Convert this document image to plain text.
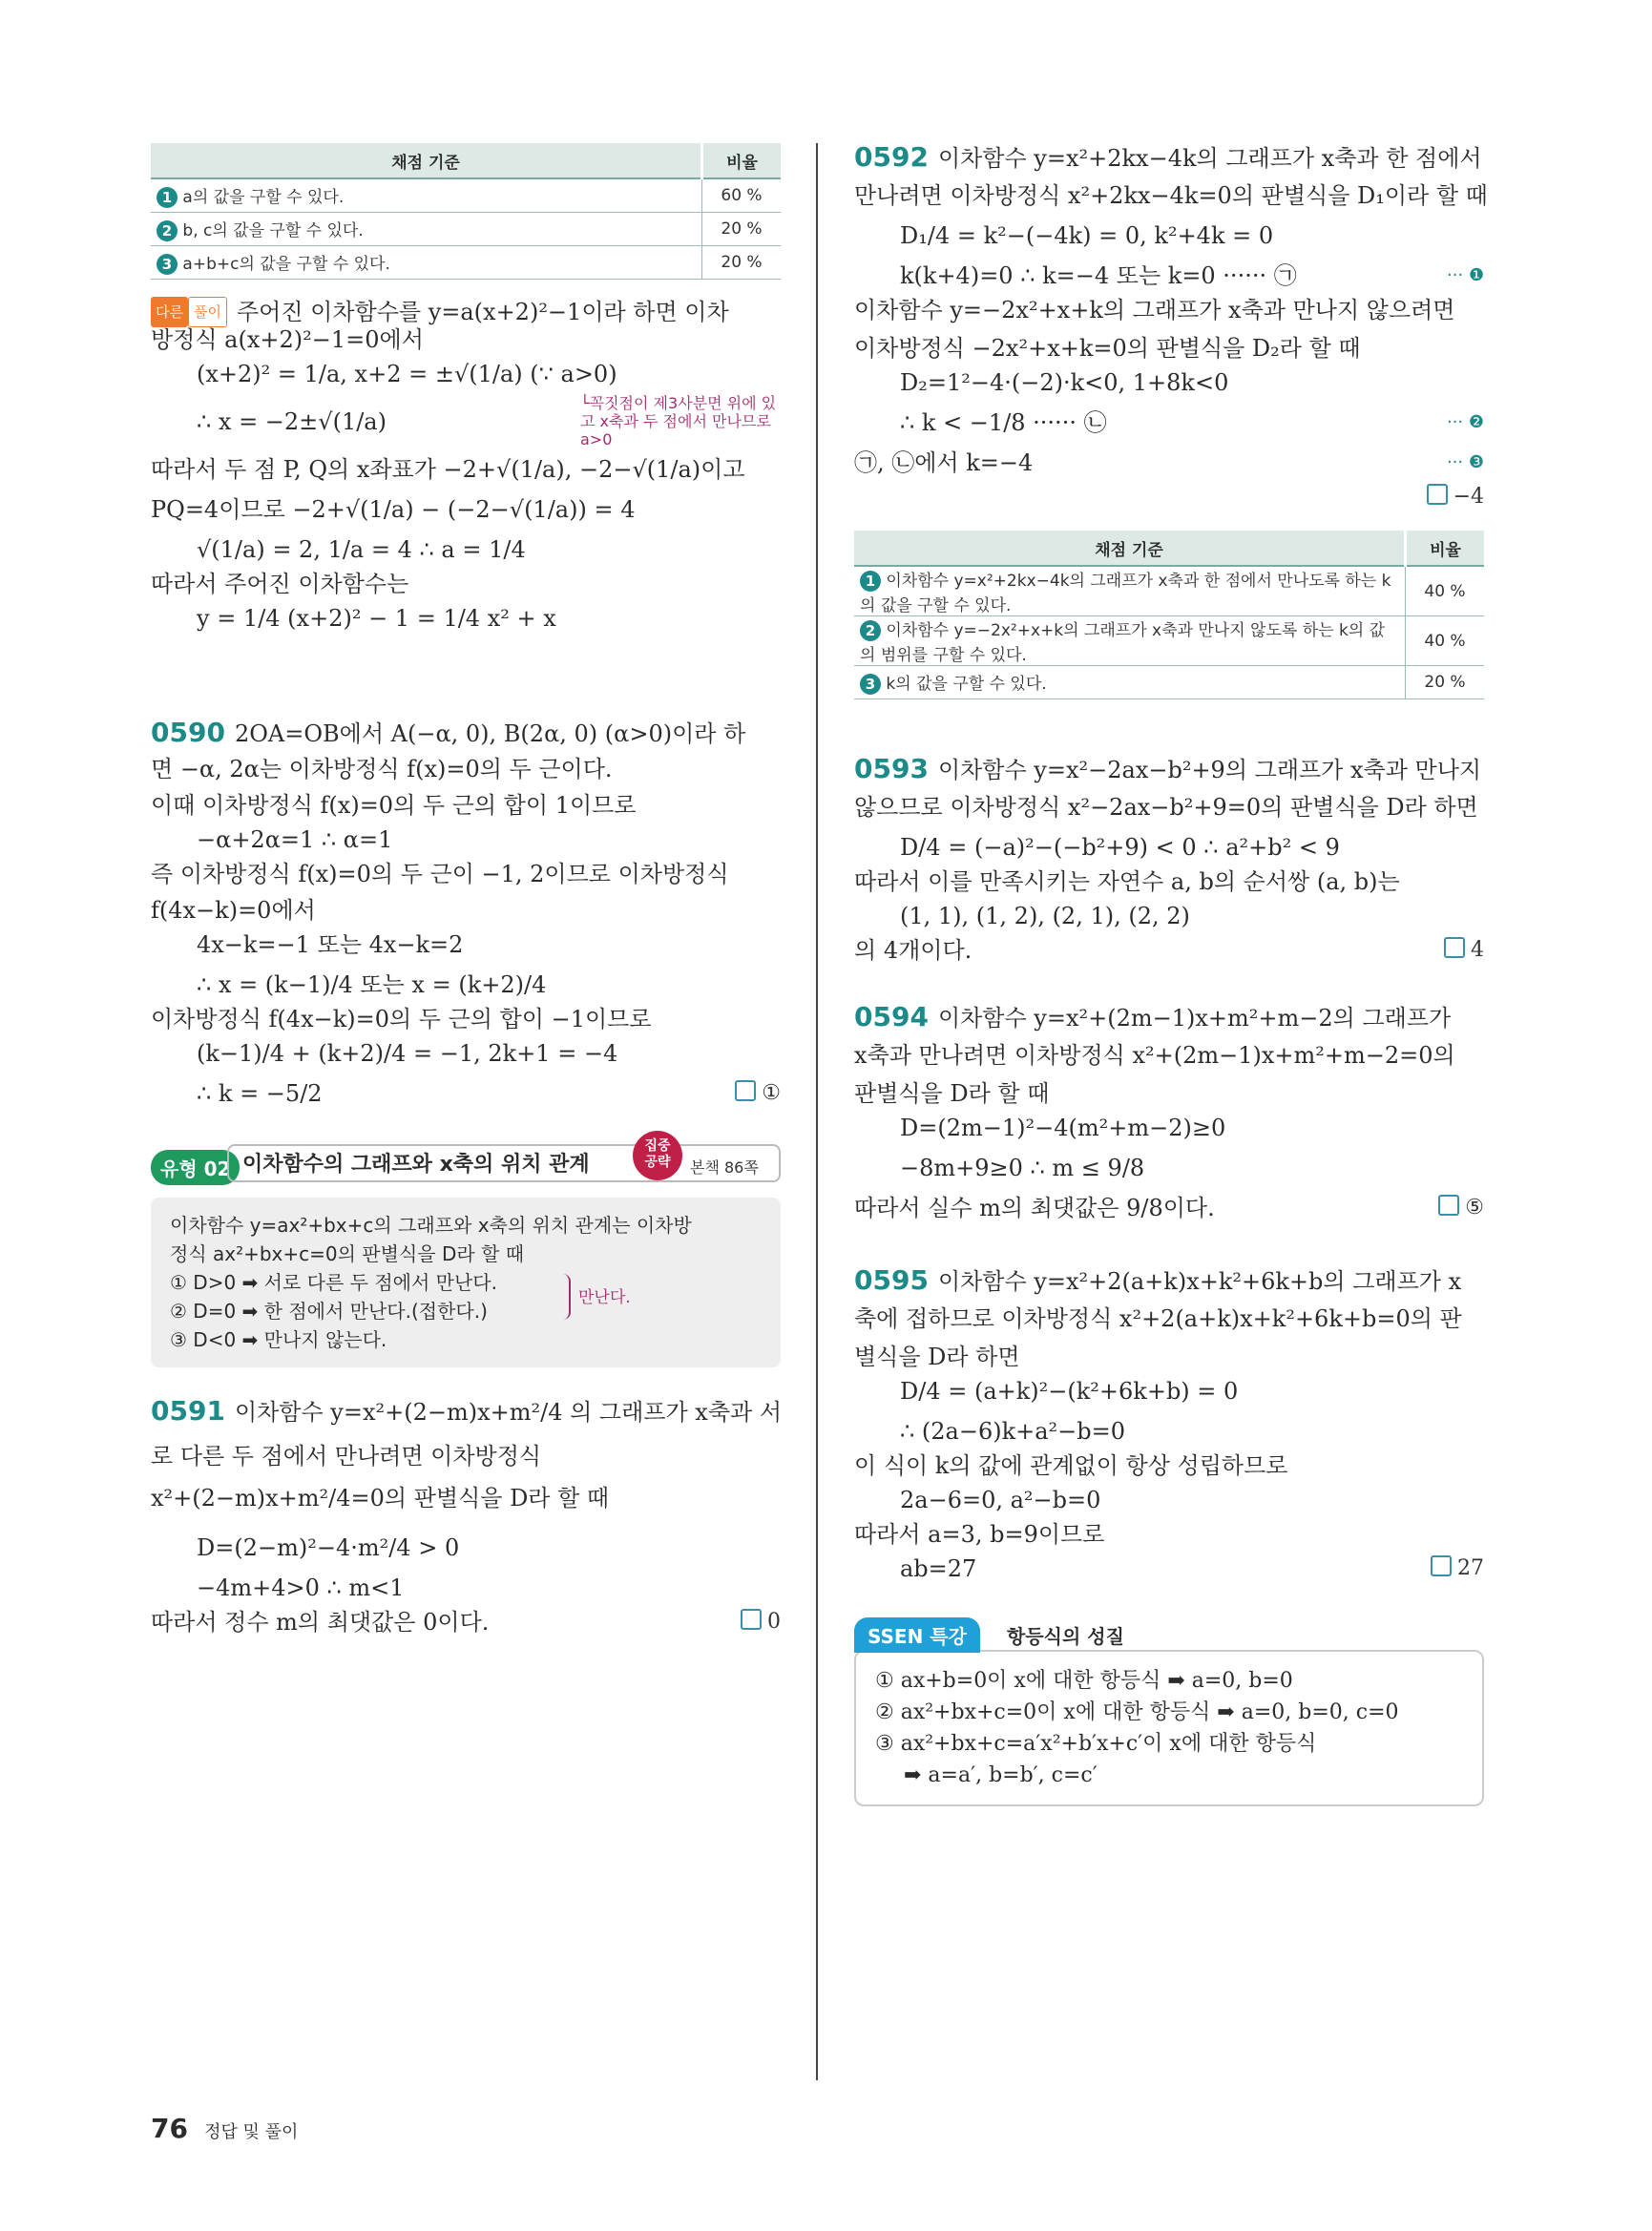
채점 기준	비율
1 a의 값을 구할 수 있다.	60 %
2 b, c의 값을 구할 수 있다.	20 %
3 a+b+c의 값을 구할 수 있다.	20 %
다른 풀이 주어진 이차함수를 y=a(x+2)²−1이라 하면 이차
방정식 a(x+2)²−1=0에서
(x+2)² = 1/a, x+2 = ±√(1/a) (∵ a>0)
∴ x = −2±√(1/a)
└꼭짓점이 제3사분면 위에 있고 x축과 두 점에서 만나므로 a>0
따라서 두 점 P, Q의 x좌표가 −2+√(1/a), −2−√(1/a)이고
PQ=4이므로 −2+√(1/a) − (−2−√(1/a)) = 4
√(1/a) = 2, 1/a = 4 ∴ a = 1/4
따라서 주어진 이차함수는
y = 1/4 (x+2)² − 1 = 1/4 x² + x
0590 2OA=OB에서 A(−α, 0), B(2α, 0) (α>0)이라 하
면 −α, 2α는 이차방정식 f(x)=0의 두 근이다.
이때 이차방정식 f(x)=0의 두 근의 합이 1이므로
−α+2α=1 ∴ α=1
즉 이차방정식 f(x)=0의 두 근이 −1, 2이므로 이차방정식
f(4x−k)=0에서
4x−k=−1 또는 4x−k=2
∴ x = (k−1)/4 또는 x = (k+2)/4
이차방정식 f(4x−k)=0의 두 근의 합이 −1이므로
(k−1)/4 + (k+2)/4 = −1, 2k+1 = −4
∴ k = −5/2	①
유형 02 이차함수의 그래프와 x축의 위치 관계
집중
공략	본책 86쪽
이차함수 y=ax²+bx+c의 그래프와 x축의 위치 관계는 이차방
정식 ax²+bx+c=0의 판별식을 D라 할 때
① D>0 ➡ 서로 다른 두 점에서 만난다.
② D=0 ➡ 한 점에서 만난다.(접한다.)
만난다.
③ D<0 ➡ 만나지 않는다.
0591 이차함수 y=x²+(2−m)x+m²/4 의 그래프가 x축과 서
로 다른 두 점에서 만나려면 이차방정식
x²+(2−m)x+m²/4=0의 판별식을 D라 할 때
D=(2−m)²−4·m²/4 > 0
−4m+4>0 ∴ m<1
따라서 정수 m의 최댓값은 0이다.	0
0592 이차함수 y=x²+2kx−4k의 그래프가 x축과 한 점에서
만나려면 이차방정식 x²+2kx−4k=0의 판별식을 D₁이라 할 때
D₁/4 = k²−(−4k) = 0, k²+4k = 0
k(k+4)=0 ∴ k=−4 또는 k=0 ······ ㉠	··· ❶
이차함수 y=−2x²+x+k의 그래프가 x축과 만나지 않으려면
이차방정식 −2x²+x+k=0의 판별식을 D₂라 할 때
D₂=1²−4·(−2)·k<0, 1+8k<0
∴ k < −1/8 ······ ㉡	··· ❷
㉠, ㉡에서 k=−4	··· ❸
−4
채점 기준	비율
1 이차함수 y=x²+2kx−4k의 그래프가 x축과 한 점에서 만나도록 하는 k의 값을 구할 수 있다.	40 %
2 이차함수 y=−2x²+x+k의 그래프가 x축과 만나지 않도록 하는 k의 값의 범위를 구할 수 있다.	40 %
3 k의 값을 구할 수 있다.	20 %
0593 이차함수 y=x²−2ax−b²+9의 그래프가 x축과 만나지
않으므로 이차방정식 x²−2ax−b²+9=0의 판별식을 D라 하면
D/4 = (−a)²−(−b²+9) < 0 ∴ a²+b² < 9
따라서 이를 만족시키는 자연수 a, b의 순서쌍 (a, b)는
(1, 1), (1, 2), (2, 1), (2, 2)
의 4개이다.	4
0594 이차함수 y=x²+(2m−1)x+m²+m−2의 그래프가
x축과 만나려면 이차방정식 x²+(2m−1)x+m²+m−2=0의
판별식을 D라 할 때
D=(2m−1)²−4(m²+m−2)≥0
−8m+9≥0 ∴ m ≤ 9/8
따라서 실수 m의 최댓값은 9/8이다.	⑤
0595 이차함수 y=x²+2(a+k)x+k²+6k+b의 그래프가 x
축에 접하므로 이차방정식 x²+2(a+k)x+k²+6k+b=0의 판
별식을 D라 하면
D/4 = (a+k)²−(k²+6k+b) = 0
∴ (2a−6)k+a²−b=0
이 식이 k의 값에 관계없이 항상 성립하므로
2a−6=0, a²−b=0
따라서 a=3, b=9이므로
ab=27	27
SSEN 특강	항등식의 성질
① ax+b=0이 x에 대한 항등식 ➡ a=0, b=0
② ax²+bx+c=0이 x에 대한 항등식 ➡ a=0, b=0, c=0
③ ax²+bx+c=a′x²+b′x+c′이 x에 대한 항등식
➡ a=a′, b=b′, c=c′
76 정답 및 풀이
